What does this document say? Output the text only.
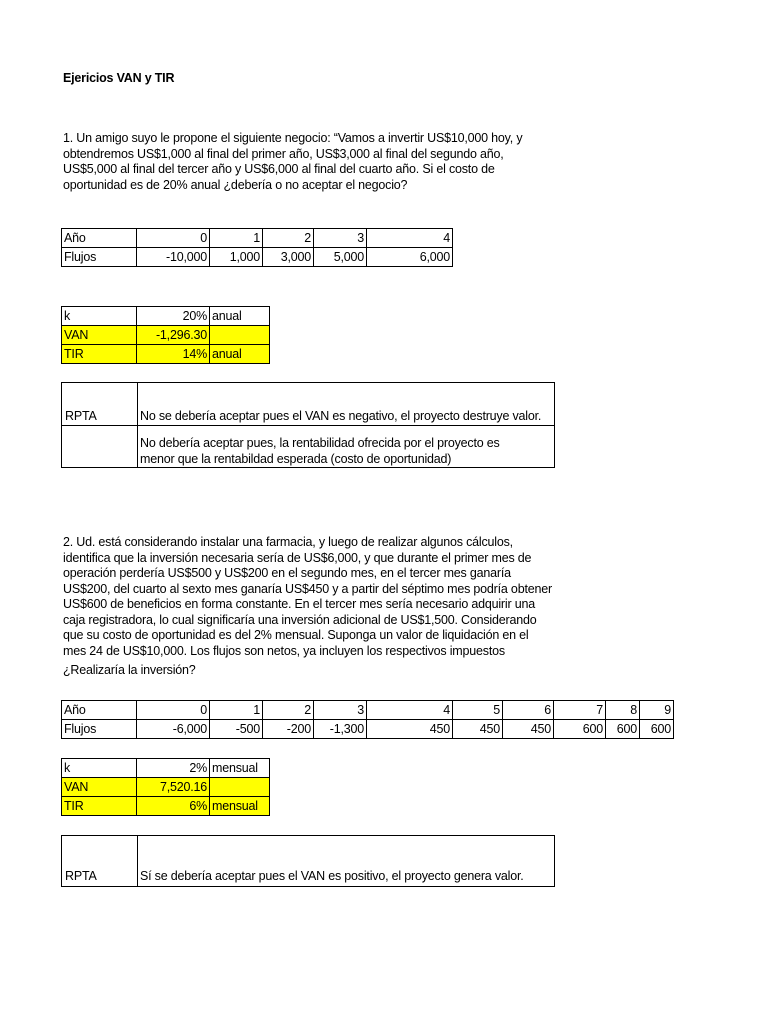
Ejericios VAN y TIR
1. Un amigo suyo le propone el siguiente negocio: “Vamos a invertir US$10,000 hoy, y obtendremos US$1,000 al final del primer año, US$3,000 al final del segundo año, US$5,000 al final del tercer año y US$6,000 al final del cuarto año. Si el costo de oportunidad es de 20% anual ¿debería o no aceptar el negocio?
Año	0	1	2	3	4
Flujos	-10,000	1,000	3,000	5,000	6,000
k	20%	anual
VAN	-1,296.30	
TIR	14%	anual
RPTA	No se debería aceptar pues el VAN es negativo, el proyecto destruye valor.
No debería aceptar pues, la rentabilidad ofrecida por el proyecto es menor que la rentabildad esperada (costo de oportunidad)
2. Ud. está considerando instalar una farmacia, y luego de realizar algunos cálculos, identifica que la inversión necesaria sería de US$6,000, y que durante el primer mes de operación perdería US$500 y US$200 en el segundo mes, en el tercer mes ganaría US$200, del cuarto al sexto mes ganaría US$450 y a partir del séptimo mes podría obtener US$600 de beneficios en forma constante. En el tercer mes sería necesario adquirir una caja registradora, lo cual significaría una inversión adicional de US$1,500. Considerando que su costo de oportunidad es del 2% mensual. Suponga un valor de liquidación en el mes 24 de US$10,000. Los flujos son netos, ya incluyen los respectivos impuestos
¿Realizaría la inversión?
Año	0	1	2	3	4	5	6	7	8	9
Flujos	-6,000	-500	-200	-1,300	450	450	450	600	600	600
k	2%	mensual
VAN	7,520.16	
TIR	6%	mensual
RPTA	Sí se debería aceptar pues el VAN es positivo, el proyecto genera valor.
